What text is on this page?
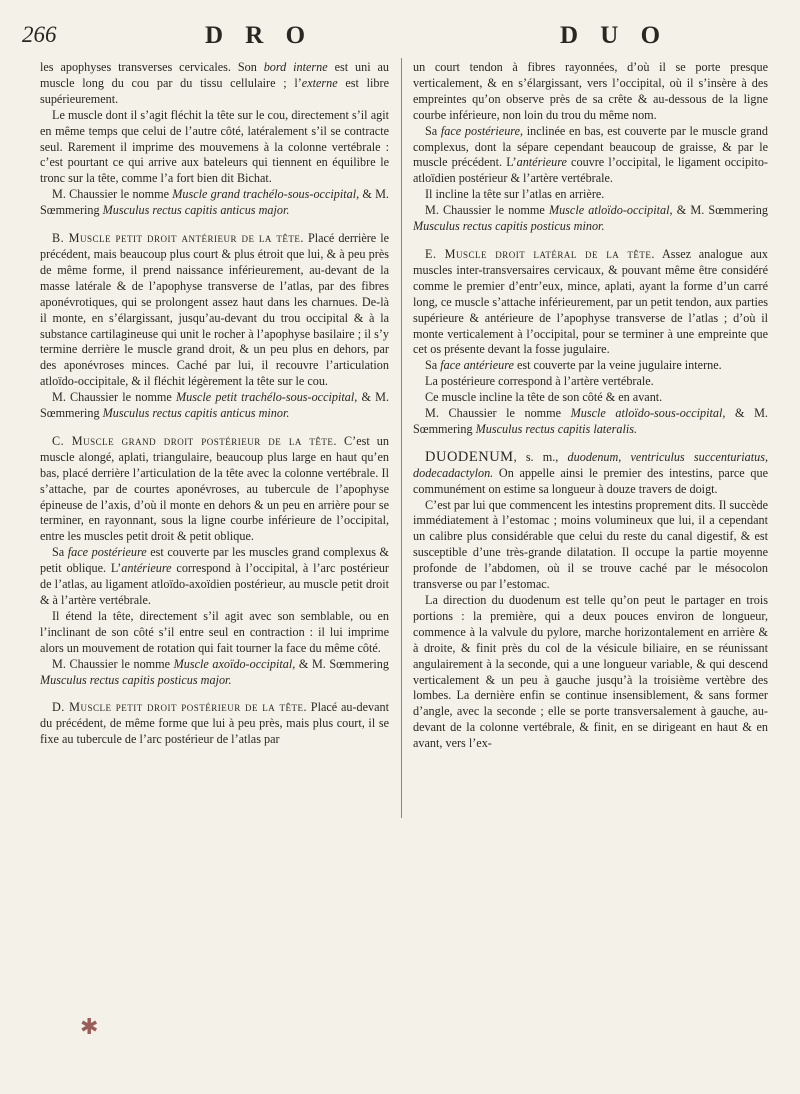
266	D R O	D U O

les apophyses transverses cervicales. Son bord interne est uni au muscle long du cou par du tissu cellulaire ; l’externe est libre supérieurement.

Le muscle dont il s’agit fléchit la tête sur le cou, directement s’il agit en même temps que celui de l’autre côté, latéralement s’il se contracte seul. Rarement il imprime des mouvemens à la colonne vertébrale : c’est pourtant ce qui arrive aux bateleurs qui tiennent en équilibre le tronc sur la tête, comme l’a fort bien dit Bichat.

M. Chaussier le nomme Muscle grand trachélo-sous-occipital, & M. Sœmmering Musculus rectus capitis anticus major.

B. Muscle petit droit antérieur de la tête. Placé derrière le précédent, mais beaucoup plus court & plus étroit que lui, & à peu près de même forme, il prend naissance inférieurement, au-devant de la masse latérale & de l’apophyse transverse de l’atlas, par des fibres aponévrotiques, qui se prolongent assez haut dans les charnues. De-là il monte, en s’élargissant, jusqu’au-devant du trou occipital & à la substance cartilagineuse qui unit le rocher à l’apophyse basilaire ; il s’y termine derrière le muscle grand droit, & un peu plus en dehors, par des aponévroses minces. Caché par lui, il recouvre l’articulation atloïdo-occipitale, & il fléchit légèrement la tête sur le cou.

M. Chaussier le nomme Muscle petit trachélo-sous-occipital, & M. Sœmmering Musculus rectus capitis anticus minor.

C. Muscle grand droit postérieur de la tête. C’est un muscle alongé, aplati, triangulaire, beaucoup plus large en haut qu’en bas, placé derrière l’articulation de la tête avec la colonne vertébrale. Il s’attache, par de courtes aponévroses, au tubercule de l’apophyse épineuse de l’axis, d’où il monte en dehors & un peu en arrière pour se terminer, en rayonnant, sous la ligne courbe inférieure de l’occipital, entre les muscles petit droit & petit oblique.

Sa face postérieure est couverte par les muscles grand complexus & petit oblique. L’antérieure correspond à l’occipital, à l’arc postérieur de l’atlas, au ligament atloïdo-axoïdien postérieur, au muscle petit droit & à l’artère vertébrale.

Il étend la tête, directement s’il agit avec son semblable, ou en l’inclinant de son côté s’il entre seul en contraction : il lui imprime alors un mouvement de rotation qui fait tourner la face du même côté.

M. Chaussier le nomme Muscle axoïdo-occipital, & M. Sœmmering Musculus rectus capitis posticus major.

D. Muscle petit droit postérieur de la tête. Placé au-devant du précédent, de même forme que lui à peu près, mais plus court, il se fixe au tubercule de l’arc postérieur de l’atlas par

un court tendon à fibres rayonnées, d’où il se porte presque verticalement, & en s’élargissant, vers l’occipital, où il s’insère à des empreintes qu’on observe près de sa crête & au-dessous de la ligne courbe inférieure, non loin du trou du même nom.

Sa face postérieure, inclinée en bas, est couverte par le muscle grand complexus, dont la sépare cependant beaucoup de graisse, & par le muscle précédent. L’antérieure couvre l’occipital, le ligament occipito-atloïdien postérieur & l’artère vertébrale.

Il incline la tête sur l’atlas en arrière.

M. Chaussier le nomme Muscle atloïdo-occipital, & M. Sœmmering Musculus rectus capitis posticus minor.

E. Muscle droit latéral de la tête. Assez analogue aux muscles inter-transversaires cervicaux, & pouvant même être considéré comme le premier d’entr’eux, mince, aplati, ayant la forme d’un carré long, ce muscle s’attache inférieurement, par un petit tendon, aux parties supérieure & antérieure de l’apophyse transverse de l’atlas ; d’où il monte verticalement à l’occipital, pour se terminer à une empreinte que cet os présente devant la fosse jugulaire.

Sa face antérieure est couverte par la veine jugulaire interne.

La postérieure correspond à l’artère vertébrale.

Ce muscle incline la tête de son côté & en avant.

M. Chaussier le nomme Muscle atloïdo-sous-occipital, & M. Sœmmering Musculus rectus capitis lateralis.

DUODENUM, s. m., duodenum, ventriculus succenturiatus, dodecadactylon. On appelle ainsi le premier des intestins, parce que communément on estime sa longueur à douze travers de doigt.

C’est par lui que commencent les intestins proprement dits. Il succède immédiatement à l’estomac ; moins volumineux que lui, il a cependant un calibre plus considérable que celui du reste du canal digestif, & est susceptible d’une très-grande dilatation. Il occupe la partie moyenne profonde de l’abdomen, où il se trouve caché par le mésocolon transverse ou par l’estomac.

La direction du duodenum est telle qu’on peut le partager en trois portions : la première, qui a deux pouces environ de longueur, commence à la valvule du pylore, marche horizontalement en arrière & à droite, & finit près du col de la vésicule biliaire, en se réunissant angulairement à la seconde, qui a une longueur variable, & qui descend verticalement & un peu à gauche jusqu’à la troisième vertèbre des lombes. La dernière enfin se continue insensiblement, & sans former d’angle, avec la seconde ; elle se porte transversalement à gauche, au-devant de la colonne vertébrale, & finit, en se dirigeant en haut & en avant, vers l’ex-

✱
